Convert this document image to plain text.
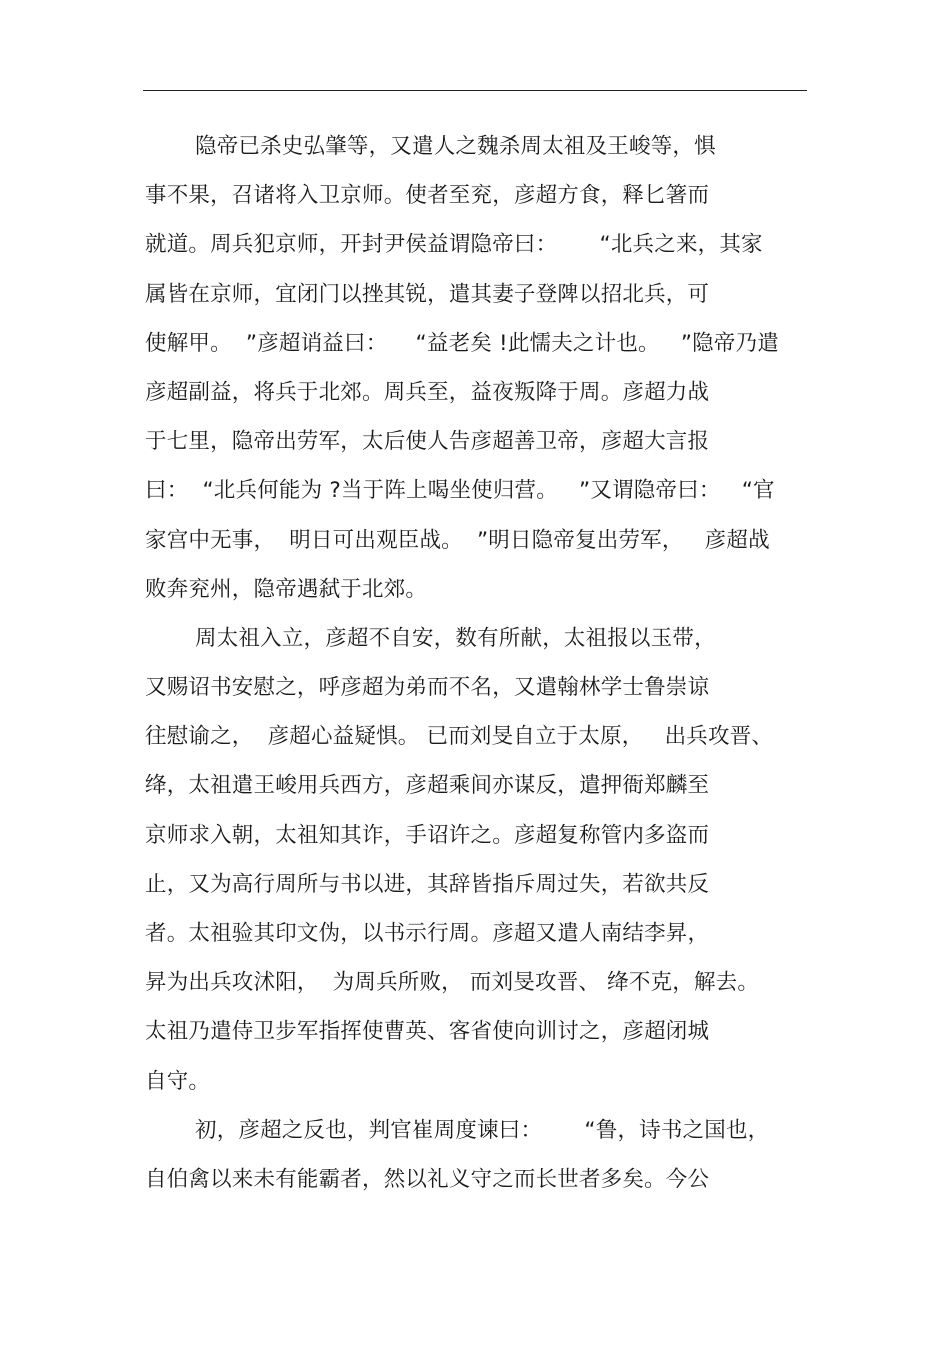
隐帝已杀史弘肇等，又遣人之魏杀周太祖及王峻等，惧
事不果，召诸将入卫京师。使者至兖，彦超方食，释匕箸而
就道。周兵犯京师，开封尹侯益谓隐帝曰：      “北兵之来，其家
属皆在京师，宜闭门以挫其锐，遣其妻子登陴以招北兵，可
使解甲。  ”彦超诮益曰：    “益老矣 !此懦夫之计也。   ”隐帝乃遣
彦超副益，将兵于北郊。周兵至，益夜叛降于周。彦超力战
于七里，隐帝出劳军，太后使人告彦超善卫帝，彦超大言报
曰：  “北兵何能为 ?当于阵上喝坐使归营。   ”又谓隐帝曰：   “官
家宫中无事，  明日可出观臣战。  ”明日隐帝复出劳军，   彦超战
败奔兖州，隐帝遇弑于北郊。
周太祖入立，彦超不自安，数有所献，太祖报以玉带，
又赐诏书安慰之，呼彦超为弟而不名，又遣翰林学士鲁崇谅
往慰谕之，  彦超心益疑惧。 已而刘旻自立于太原，   出兵攻晋、
绛，太祖遣王峻用兵西方，彦超乘间亦谋反，遣押衙郑麟至
京师求入朝，太祖知其诈，手诏许之。彦超复称管内多盗而
止，又为高行周所与书以进，其辞皆指斥周过失，若欲共反
者。太祖验其印文伪，以书示行周。彦超又遣人南结李昇，
昇为出兵攻沭阳，  为周兵所败， 而刘旻攻晋、 绛不克，解去。
太祖乃遣侍卫步军指挥使曹英、客省使向训讨之，彦超闭城
自守。
初，彦超之反也，判官崔周度谏曰：      “鲁，诗书之国也，
自伯禽以来未有能霸者，然以礼义守之而长世者多矣。今公
